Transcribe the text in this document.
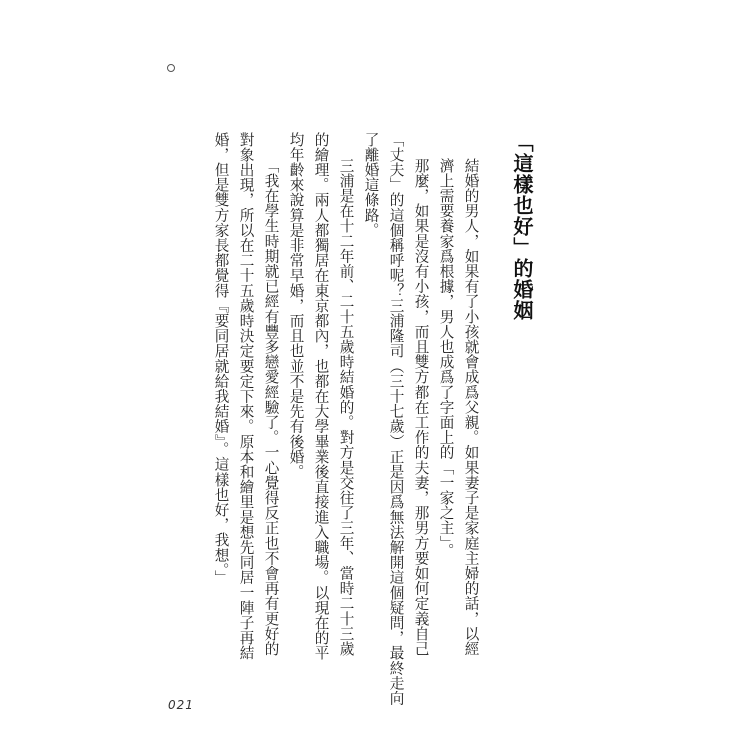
「這樣也好」的婚姻
結婚的男人，如果有了小孩就會成爲父親。如果妻子是家庭主婦的話，以經
濟上需要養家爲根據，男人也成爲了字面上的「一家之主」。
那麼，如果是沒有小孩，而且雙方都在工作的夫妻，那男方要如何定義自己
「丈夫」的這個稱呼呢？三浦隆司（三十七歲）正是因爲無法解開這個疑問，最終走向
了離婚這條路。
三浦是在十二年前、二十五歲時結婚的。對方是交往了三年、當時二十三歲
的繪理。兩人都獨居在東京都內，也都在大學畢業後直接進入職場。以現在的平
均年齡來說算是非常早婚，而且也並不是先有後婚。
「我在學生時期就已經有豐多戀愛經驗了。一心覺得反正也不會再有更好的
對象出現，所以在二十五歲時決定要定下來。原本和繪里是想先同居一陣子再結
婚，但是雙方家長都覺得『要同居就給我結婚』。這樣也好，我想。」
021
